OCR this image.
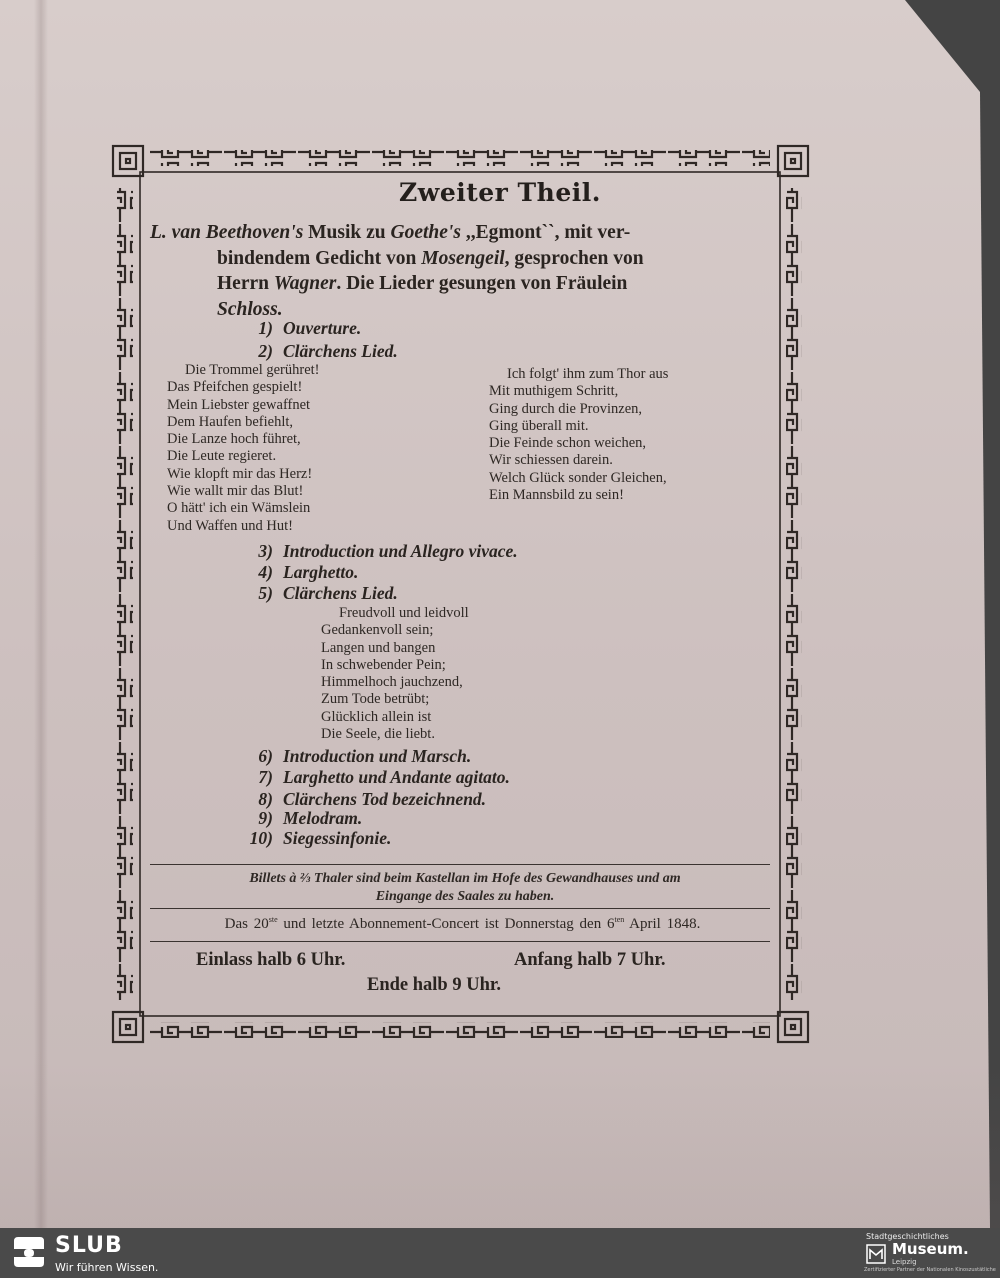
Zweiter Theil.
L. van Beethoven's Musik zu Goethe's ,,Egmont``, mit ver-
bindendem Gedicht von Mosengeil, gesprochen von
Herrn Wagner. Die Lieder gesungen von Fräulein
Schloss.
1) Ouverture.
2) Clärchens Lied.
Die Trommel gerühret!
Das Pfeifchen gespielt!
Mein Liebster gewaffnet
Dem Haufen befiehlt,
Die Lanze hoch führet,
Die Leute regieret.
Wie klopft mir das Herz!
Wie wallt mir das Blut!
O hätt' ich ein Wämslein
Und Waffen und Hut!
Ich folgt' ihm zum Thor aus
Mit muthigem Schritt,
Ging durch die Provinzen,
Ging überall mit.
Die Feinde schon weichen,
Wir schiessen darein.
Welch Glück sonder Gleichen,
Ein Mannsbild zu sein!
3) Introduction und Allegro vivace.
4) Larghetto.
5) Clärchens Lied.
Freudvoll und leidvoll
Gedankenvoll sein;
Langen und bangen
In schwebender Pein;
Himmelhoch jauchzend,
Zum Tode betrübt;
Glücklich allein ist
Die Seele, die liebt.
6) Introduction und Marsch.
7) Larghetto und Andante agitato.
8) Clärchens Tod bezeichnend.
9) Melodram.
10) Siegessinfonie.
Billets à ⅔ Thaler sind beim Kastellan im Hofe des Gewandhauses und am
Eingange des Saales zu haben.
Das 20ste und letzte Abonnement-Concert ist Donnerstag den $6^{ten}$ April 1848.
Einlass halb 6 Uhr.	Anfang halb 7 Uhr.
Ende halb 9 Uhr.
SLUB
Wir führen Wissen.
Stadtgeschichtliches
Museum.
Leipzig
Zertifizierter Partner der Nationalen Kinoszustätliche
